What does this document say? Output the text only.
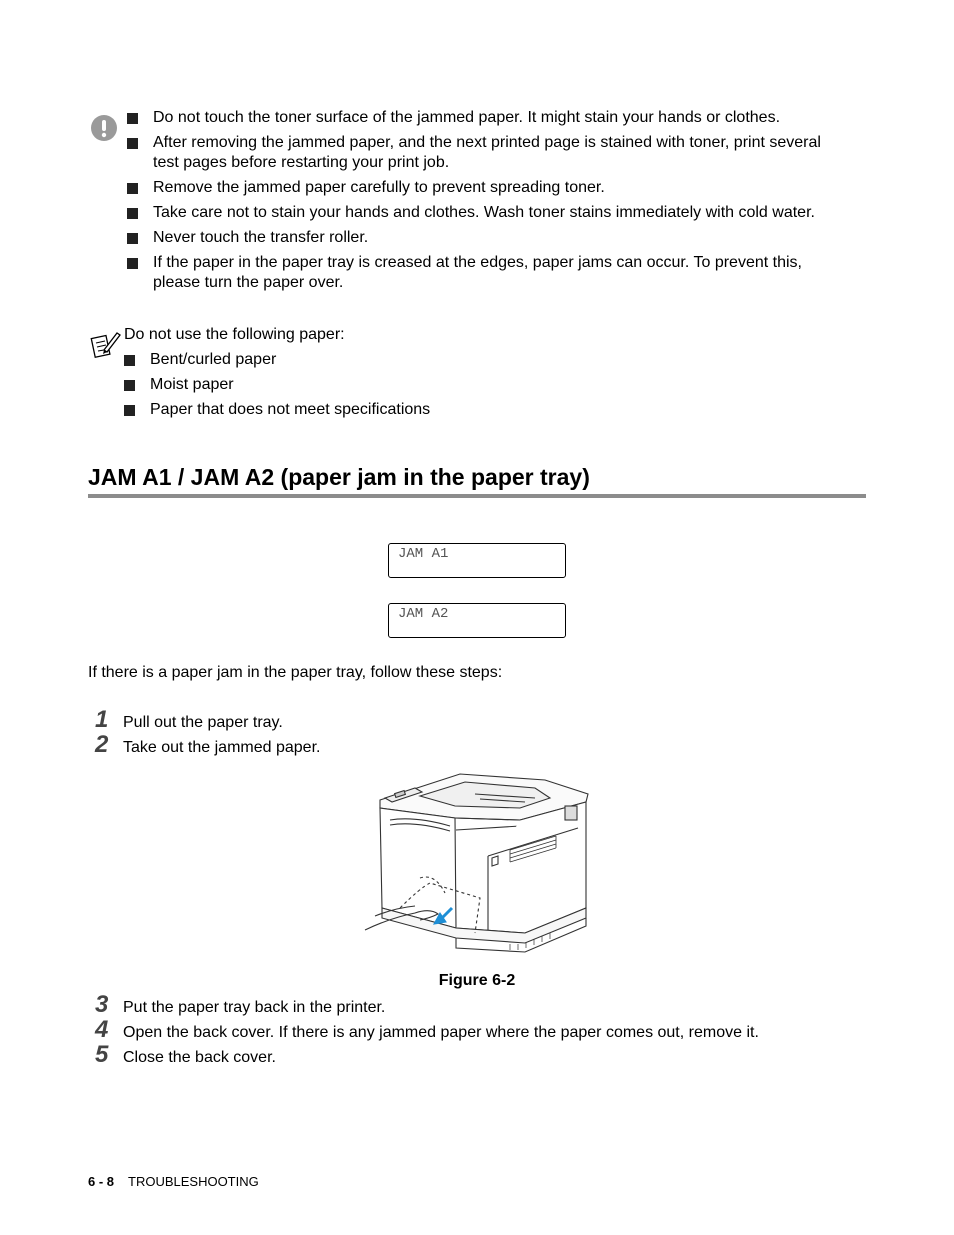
Do not touch the toner surface of the jammed paper. It might stain your hands or clothes.
After removing the jammed paper, and the next printed page is stained with toner, print several
test pages before restarting your print job.
Remove the jammed paper carefully to prevent spreading toner.
Take care not to stain your hands and clothes. Wash toner stains immediately with cold water.
Never touch the transfer roller.
If the paper in the paper tray is creased at the edges, paper jams can occur. To prevent this,
please turn the paper over.
Do not use the following paper:
Bent/curled paper
Moist paper
Paper that does not meet specifications
JAM A1 / JAM A2 (paper jam in the paper tray)
JAM A1
JAM A2
If there is a paper jam in the paper tray, follow these steps:
1 Pull out the paper tray.
2 Take out the jammed paper.
Figure 6-2
3 Put the paper tray back in the printer.
4 Open the back cover. If there is any jammed paper where the paper comes out, remove it.
5 Close the back cover.
6 - 8 TROUBLESHOOTING
